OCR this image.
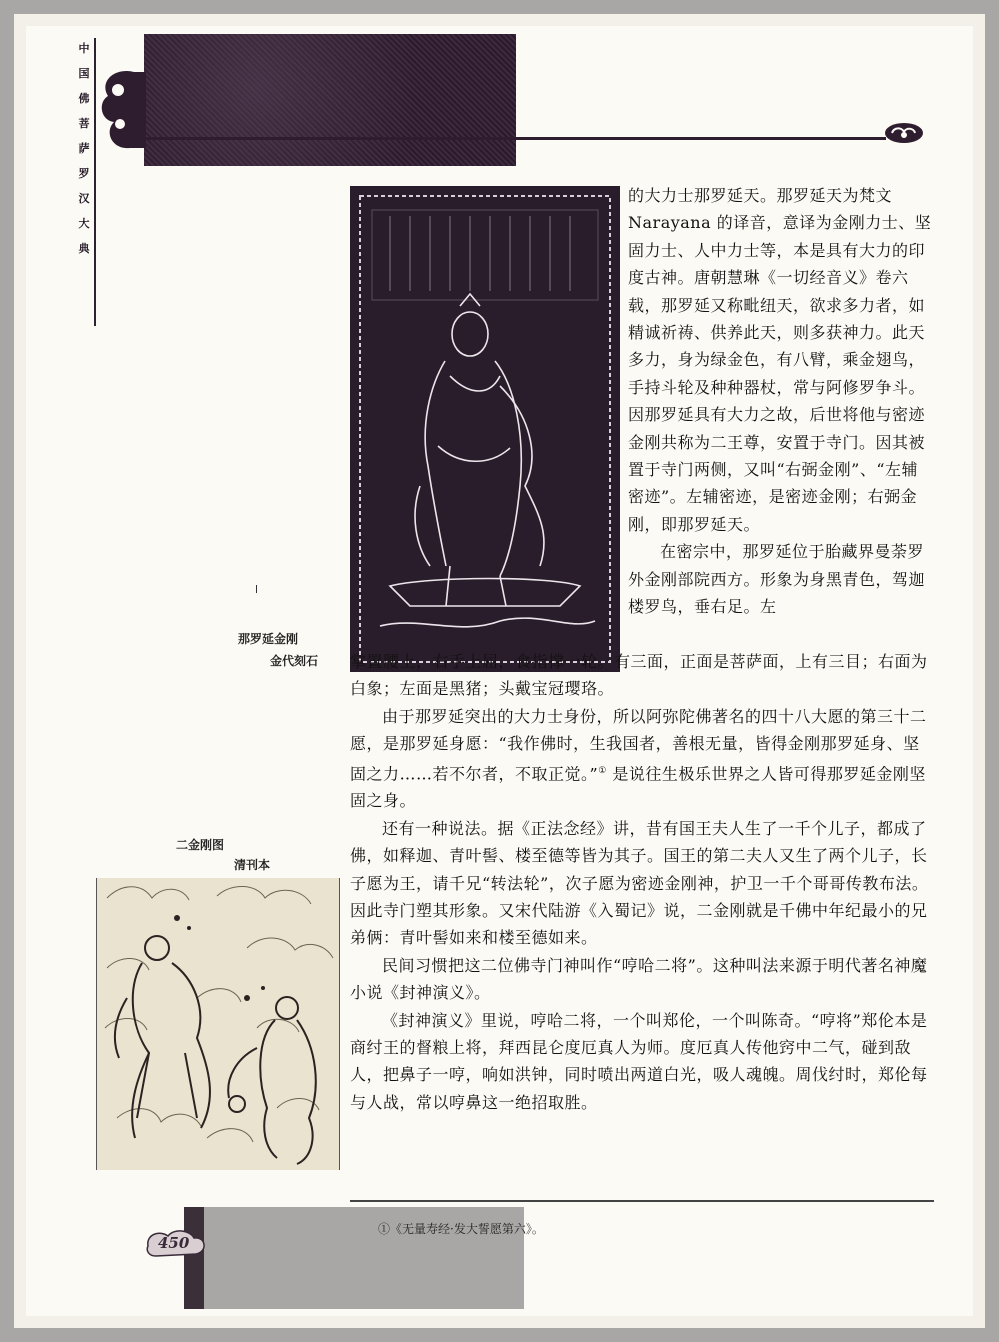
中
国
佛
菩
萨
罗
汉
大
典
那罗延金刚
金代刻石

的大力士那罗延天。那罗延天为梵文 Narayana 的译音，意译为金刚力士、坚固力士、人中力士等，本是具有大力的印度古神。唐朝慧琳《一切经音义》卷六载，那罗延又称毗纽天，欲求多力者，如精诚祈祷、供养此天，则多获神力。此天多力，身为绿金色，有八臂，乘金翅鸟，手持斗轮及种种器杖，常与阿修罗争斗。因那罗延具有大力之故，后世将他与密迹金刚共称为二王尊，安置于寺门。因其被置于寺门两侧，又叫“右弼金刚”、“左辅密迹”。左辅密迹，是密迹金刚；右弼金刚，即那罗延天。

在密宗中，那罗延位于胎藏界曼荼罗外金刚部院西方。形象为身黑青色，驾迦楼罗鸟，垂右足。左

掌置腰上，右手上屈，食指撑一轮。有三面，正面是菩萨面，上有三目；右面为白象；左面是黑猪；头戴宝冠璎珞。

由于那罗延突出的大力士身份，所以阿弥陀佛著名的四十八大愿的第三十二愿，是那罗延身愿：“我作佛时，生我国者，善根无量，皆得金刚那罗延身、坚固之力……若不尔者，不取正觉。”① 是说往生极乐世界之人皆可得那罗延金刚坚固之身。

还有一种说法。据《正法念经》讲，昔有国王夫人生了一千个儿子，都成了佛，如释迦、青叶髻、楼至德等皆为其子。国王的第二夫人又生了两个儿子，长子愿为王，请千兄“转法轮”，次子愿为密迹金刚神，护卫一千个哥哥传教布法。因此寺门塑其形象。又宋代陆游《入蜀记》说，二金刚就是千佛中年纪最小的兄弟俩：青叶髻如来和楼至德如来。

民间习惯把这二位佛寺门神叫作“哼哈二将”。这种叫法来源于明代著名神魔小说《封神演义》。

《封神演义》里说，哼哈二将，一个叫郑伦，一个叫陈奇。“哼将”郑伦本是商纣王的督粮上将，拜西昆仑度厄真人为师。度厄真人传他窍中二气，碰到敌人，把鼻子一哼，响如洪钟，同时喷出两道白光，吸人魂魄。周伐纣时，郑伦每与人战，常以哼鼻这一绝招取胜。

二金刚图
清刊本
450
①《无量寿经·发大誓愿第六》。
